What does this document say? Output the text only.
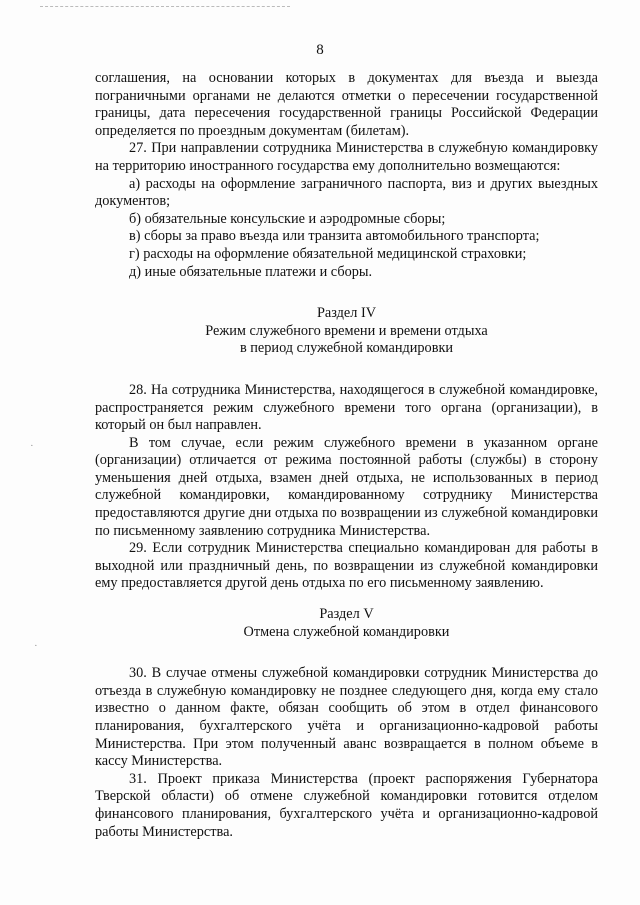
8

соглашения, на основании которых в документах для въезда и выезда пограничными органами не делаются отметки о пересечении государственной границы, дата пересечения государственной границы Российской Федерации определяется по проездным документам (билетам).

27. При направлении сотрудника Министерства в служебную командировку на территорию иностранного государства ему дополнительно возмещаются:

а) расходы на оформление заграничного паспорта, виз и других выездных документов;

б) обязательные консульские и аэродромные сборы;

в) сборы за право въезда или транзита автомобильного транспорта;

г) расходы на оформление обязательной медицинской страховки;

д) иные обязательные платежи и сборы.

Раздел IV

Режим служебного времени и времени отдыха

в период служебной командировки

28. На сотрудника Министерства, находящегося в служебной командировке, распространяется режим служебного времени того органа (организации), в который он был направлен.

В том случае, если режим служебного времени в указанном органе (организации) отличается от режима постоянной работы (службы) в сторону уменьшения дней отдыха, взамен дней отдыха, не использованных в период служебной командировки, командированному сотруднику Министерства предоставляются другие дни отдыха по возвращении из служебной командировки по письменному заявлению сотрудника Министерства.

29. Если сотрудник Министерства специально командирован для работы в выходной или праздничный день, по возвращении из служебной командировки ему предоставляется другой день отдыха по его письменному заявлению.

Раздел V

Отмена служебной командировки

30. В случае отмены служебной командировки сотрудник Министерства до отъезда в служебную командировку не позднее следующего дня, когда ему стало известно о данном факте, обязан сообщить об этом в отдел финансового планирования, бухгалтерского учёта и организационно-кадровой работы Министерства. При этом полученный аванс возвращается в полном объеме в кассу Министерства.

31. Проект приказа Министерства (проект распоряжения Губернатора Тверской области) об отмене служебной командировки готовится отделом финансового планирования, бухгалтерского учёта и организационно-кадровой работы Министерства.

·
·
